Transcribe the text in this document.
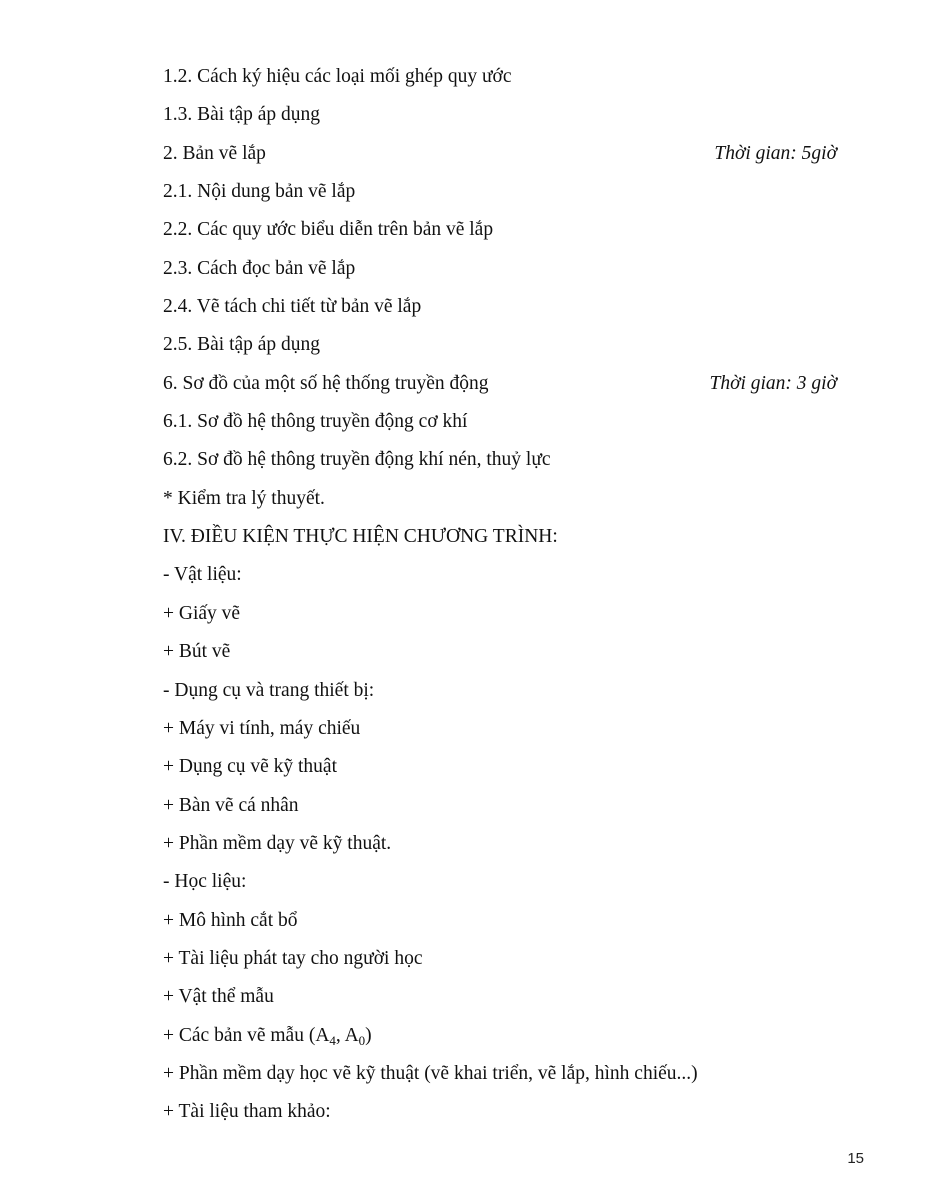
1.2. Cách ký hiệu các loại mối ghép quy ước
1.3. Bài tập áp dụng
2. Bản vẽ lắp	Thời gian: 5giờ
2.1. Nội dung bản vẽ lắp
2.2. Các quy ước biểu diễn trên bản vẽ lắp
2.3. Cách đọc bản vẽ lắp
2.4. Vẽ tách chi tiết từ bản vẽ lắp
2.5. Bài tập áp dụng
6. Sơ đồ của một số hệ thống truyền động	Thời gian: 3 giờ
6.1. Sơ đồ hệ thông truyền động cơ khí
6.2. Sơ đồ hệ thông truyền động khí nén, thuỷ lực
* Kiểm tra lý thuyết.
IV. ĐIỀU KIỆN THỰC HIỆN CHƯƠNG TRÌNH:
- Vật liệu:
+ Giấy vẽ
+ Bút vẽ
- Dụng cụ và trang thiết bị:
+ Máy vi tính, máy chiếu
+ Dụng cụ vẽ kỹ thuật
+ Bàn vẽ cá nhân
+ Phần mềm dạy vẽ kỹ thuật.
- Học liệu:
+ Mô hình cắt bổ
+ Tài liệu phát tay cho người học
+ Vật thể mẫu
+ Các bản vẽ mẫu ($A_4$, $A_0$)
+ Phần mềm dạy học vẽ kỹ thuật (vẽ khai triển, vẽ lắp, hình chiếu...)
+ Tài liệu tham khảo:
15
